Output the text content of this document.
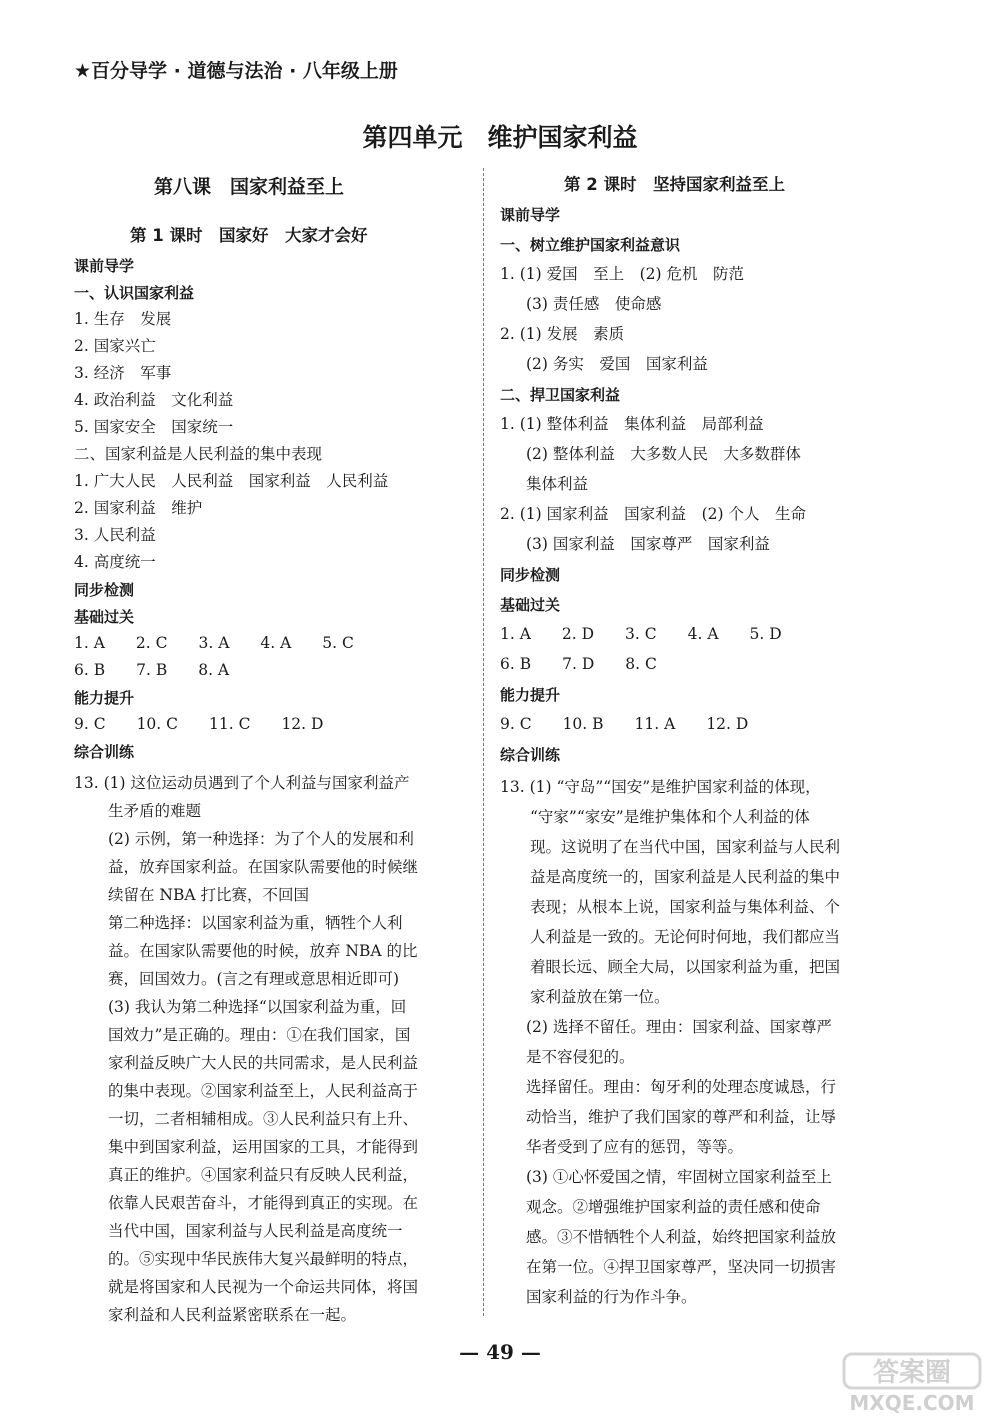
★百分导学 · 道德与法治 · 八年级上册
第四单元　维护国家利益
第八课　国家利益至上
第 1 课时　国家好　大家才会好
课前导学
一、认识国家利益
1. 生存　发展
2. 国家兴亡
3. 经济　军事
4. 政治利益　文化利益
5. 国家安全　国家统一
二、国家利益是人民利益的集中表现
1. 广大人民　人民利益　国家利益　人民利益
2. 国家利益　维护
3. 人民利益
4. 高度统一
同步检测
基础过关
1. A　　2. C　　3. A　　4. A　　5. C
6. B　　7. B　　8. A
能力提升
9. C　　10. C　　11. C　　12. D
综合训练
13. (1) 这位运动员遇到了个人利益与国家利益产
生矛盾的难题
(2) 示例，第一种选择：为了个人的发展和利
益，放弃国家利益。在国家队需要他的时候继
续留在 NBA 打比赛，不回国
第二种选择：以国家利益为重，牺牲个人利
益。在国家队需要他的时候，放弃 NBA 的比
赛，回国效力。(言之有理或意思相近即可)
(3) 我认为第二种选择“以国家利益为重，回
国效力”是正确的。理由：①在我们国家，国
家利益反映广大人民的共同需求，是人民利益
的集中表现。②国家利益至上，人民利益高于
一切，二者相辅相成。③人民利益只有上升、
集中到国家利益，运用国家的工具，才能得到
真正的维护。④国家利益只有反映人民利益，
依靠人民艰苦奋斗，才能得到真正的实现。在
当代中国，国家利益与人民利益是高度统一
的。⑤实现中华民族伟大复兴最鲜明的特点，
就是将国家和人民视为一个命运共同体，将国
家利益和人民利益紧密联系在一起。
第 2 课时　坚持国家利益至上
课前导学
一、树立维护国家利益意识
1. (1) 爱国　至上　(2) 危机　防范
(3) 责任感　使命感
2. (1) 发展　素质
(2) 务实　爱国　国家利益
二、捍卫国家利益
1. (1) 整体利益　集体利益　局部利益
(2) 整体利益　大多数人民　大多数群体
集体利益
2. (1) 国家利益　国家利益　(2) 个人　生命
(3) 国家利益　国家尊严　国家利益
同步检测
基础过关
1. A　　2. D　　3. C　　4. A　　5. D
6. B　　7. D　　8. C
能力提升
9. C　　10. B　　11. A　　12. D
综合训练
13. (1) “守岛”“国安”是维护国家利益的体现，
“守家”“家安”是维护集体和个人利益的体
现。这说明了在当代中国，国家利益与人民利
益是高度统一的，国家利益是人民利益的集中
表现；从根本上说，国家利益与集体利益、个
人利益是一致的。无论何时何地，我们都应当
着眼长远、顾全大局，以国家利益为重，把国
家利益放在第一位。
(2) 选择不留任。理由：国家利益、国家尊严
是不容侵犯的。
选择留任。理由：匈牙利的处理态度诚恳，行
动恰当，维护了我们国家的尊严和利益，让辱
华者受到了应有的惩罚，等等。
(3) ①心怀爱国之情，牢固树立国家利益至上
观念。②增强维护国家利益的责任感和使命
感。③不惜牺牲个人利益，始终把国家利益放
在第一位。④捍卫国家尊严，坚决同一切损害
国家利益的行为作斗争。
— 49 —
答案圈
MXQE.COM
